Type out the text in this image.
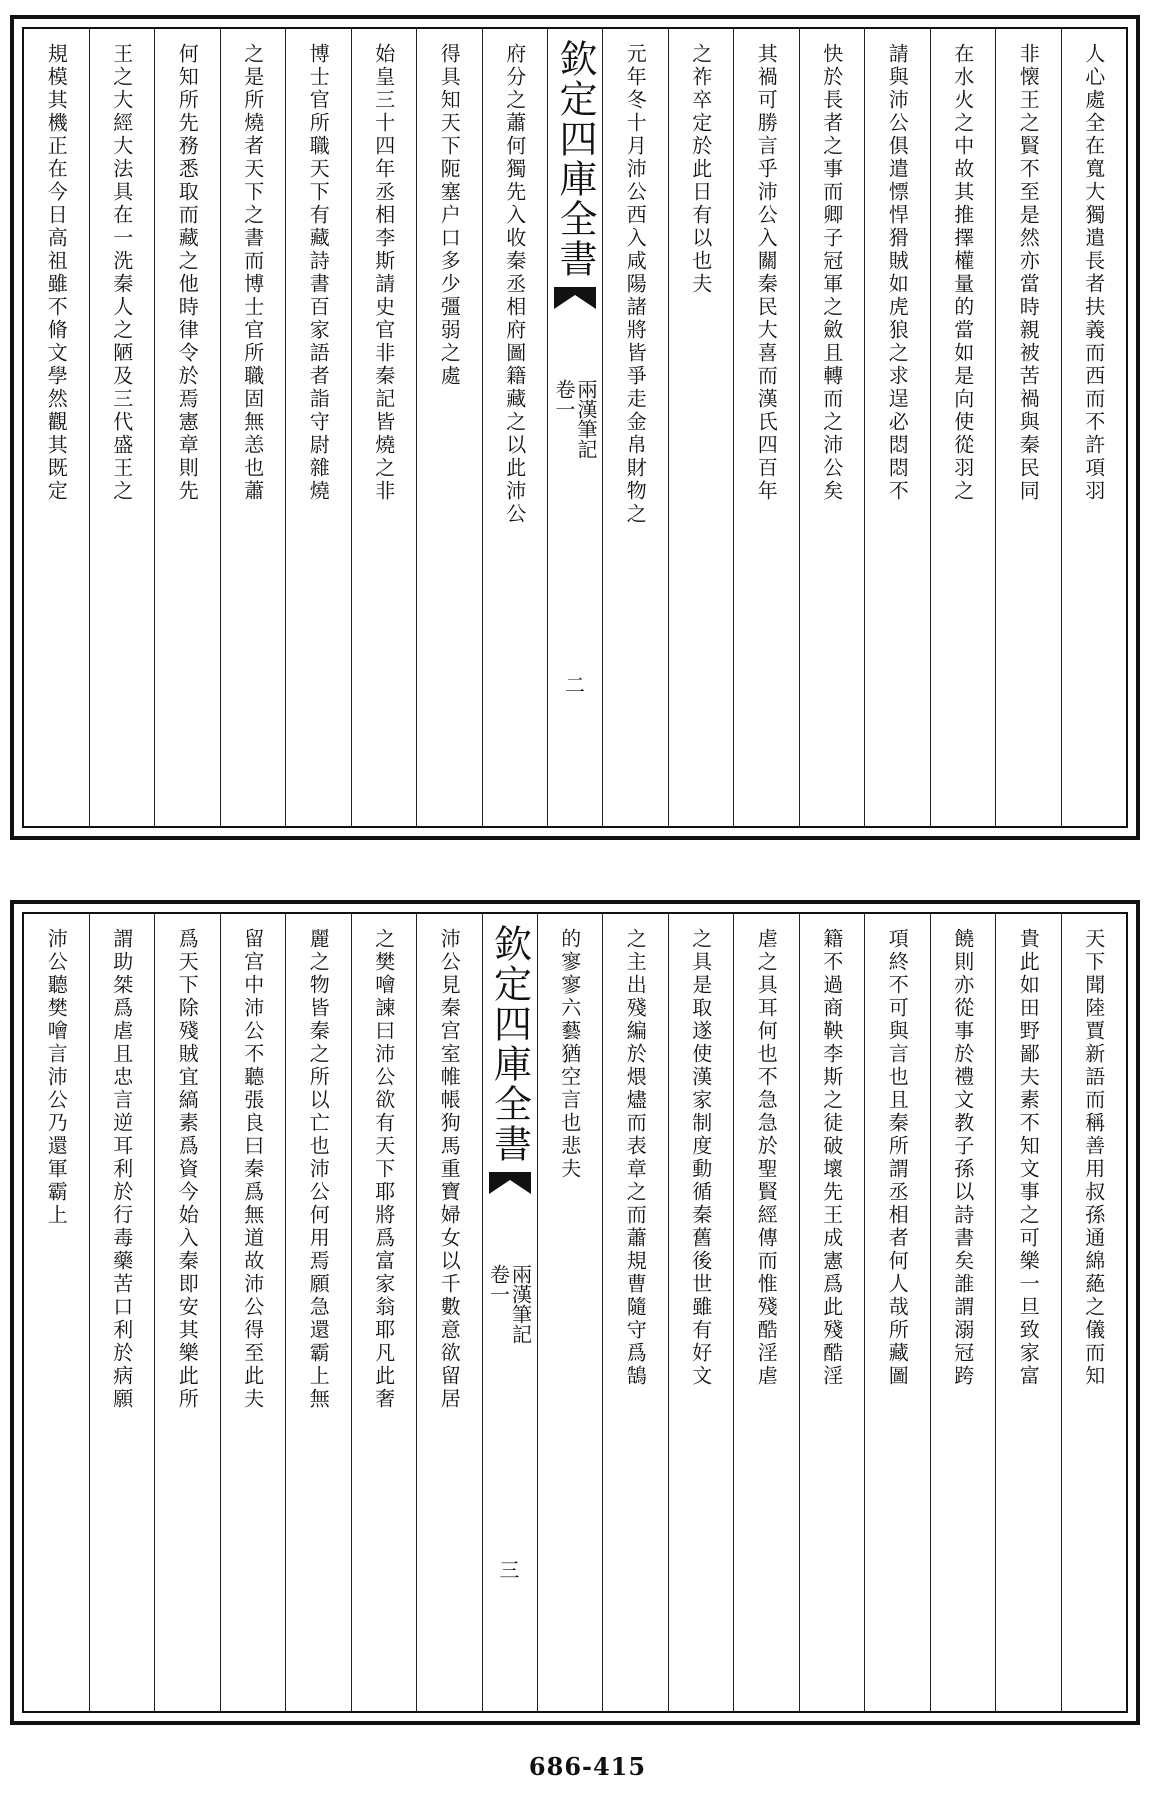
規模其機正在今日高祖雖不脩文學然觀其既定 王之大經大法具在一洗秦人之陋及三代盛王之 何知所先務悉取而藏之他時律令於焉憲章則先 之是所燒者天下之書而博士官所職固無恙也蕭 博士官所職天下有藏詩書百家語者詣守尉雜燒 始皇三十四年丞相李斯請史官非秦記皆燒之非 得具知天下阨塞户口多少彊弱之處 府分之蕭何獨先入收秦丞相府圖籍藏之以此沛公 欽定四庫全書
兩漢筆記
卷一
二
元年冬十月沛公西入咸陽諸將皆爭走金帛財物之 之祚卒定於此日有以也夫 其禍可勝言乎沛公入關秦民大喜而漢氏四百年 快於長者之事而卿子冠軍之斂且轉而之沛公矣 請與沛公俱遣慓悍猾賊如虎狼之求逞必悶悶不 在水火之中故其推擇權量的當如是向使從羽之 非懐王之賢不至是然亦當時親被苦禍與秦民同 人心處全在寬大獨遣長者扶義而西而不許項羽
沛公聽樊噲言沛公乃還軍霸上 謂助桀爲虐且忠言逆耳利於行毒藥苦口利於病願 爲天下除殘賊宜縞素爲資今始入秦即安其樂此所 留宫中沛公不聽張良曰秦爲無道故沛公得至此夫 麗之物皆秦之所以亡也沛公何用焉願急還霸上無 之樊噲諫曰沛公欲有天下耶將爲富家翁耶凡此奢 沛公見秦宫室帷帳狗馬重寶婦女以千數意欲留居 欽定四庫全書
兩漢筆記
卷一
三
的寥寥六藝猶空言也悲夫 之主出殘編於煨燼而表章之而蕭規曹隨守爲鵠 之具是取遂使漢家制度動循秦舊後世雖有好文 虐之具耳何也不急急於聖賢經傳而惟殘酷淫虐 籍不過商鞅李斯之徒破壞先王成憲爲此殘酷淫 項終不可與言也且秦所謂丞相者何人哉所藏圖 饒則亦從事於禮文教子孫以詩書矣誰謂溺冠跨 貴此如田野鄙夫素不知文事之可樂一旦致家富 天下聞陸賈新語而稱善用叔孫通綿蕝之儀而知
686-415
